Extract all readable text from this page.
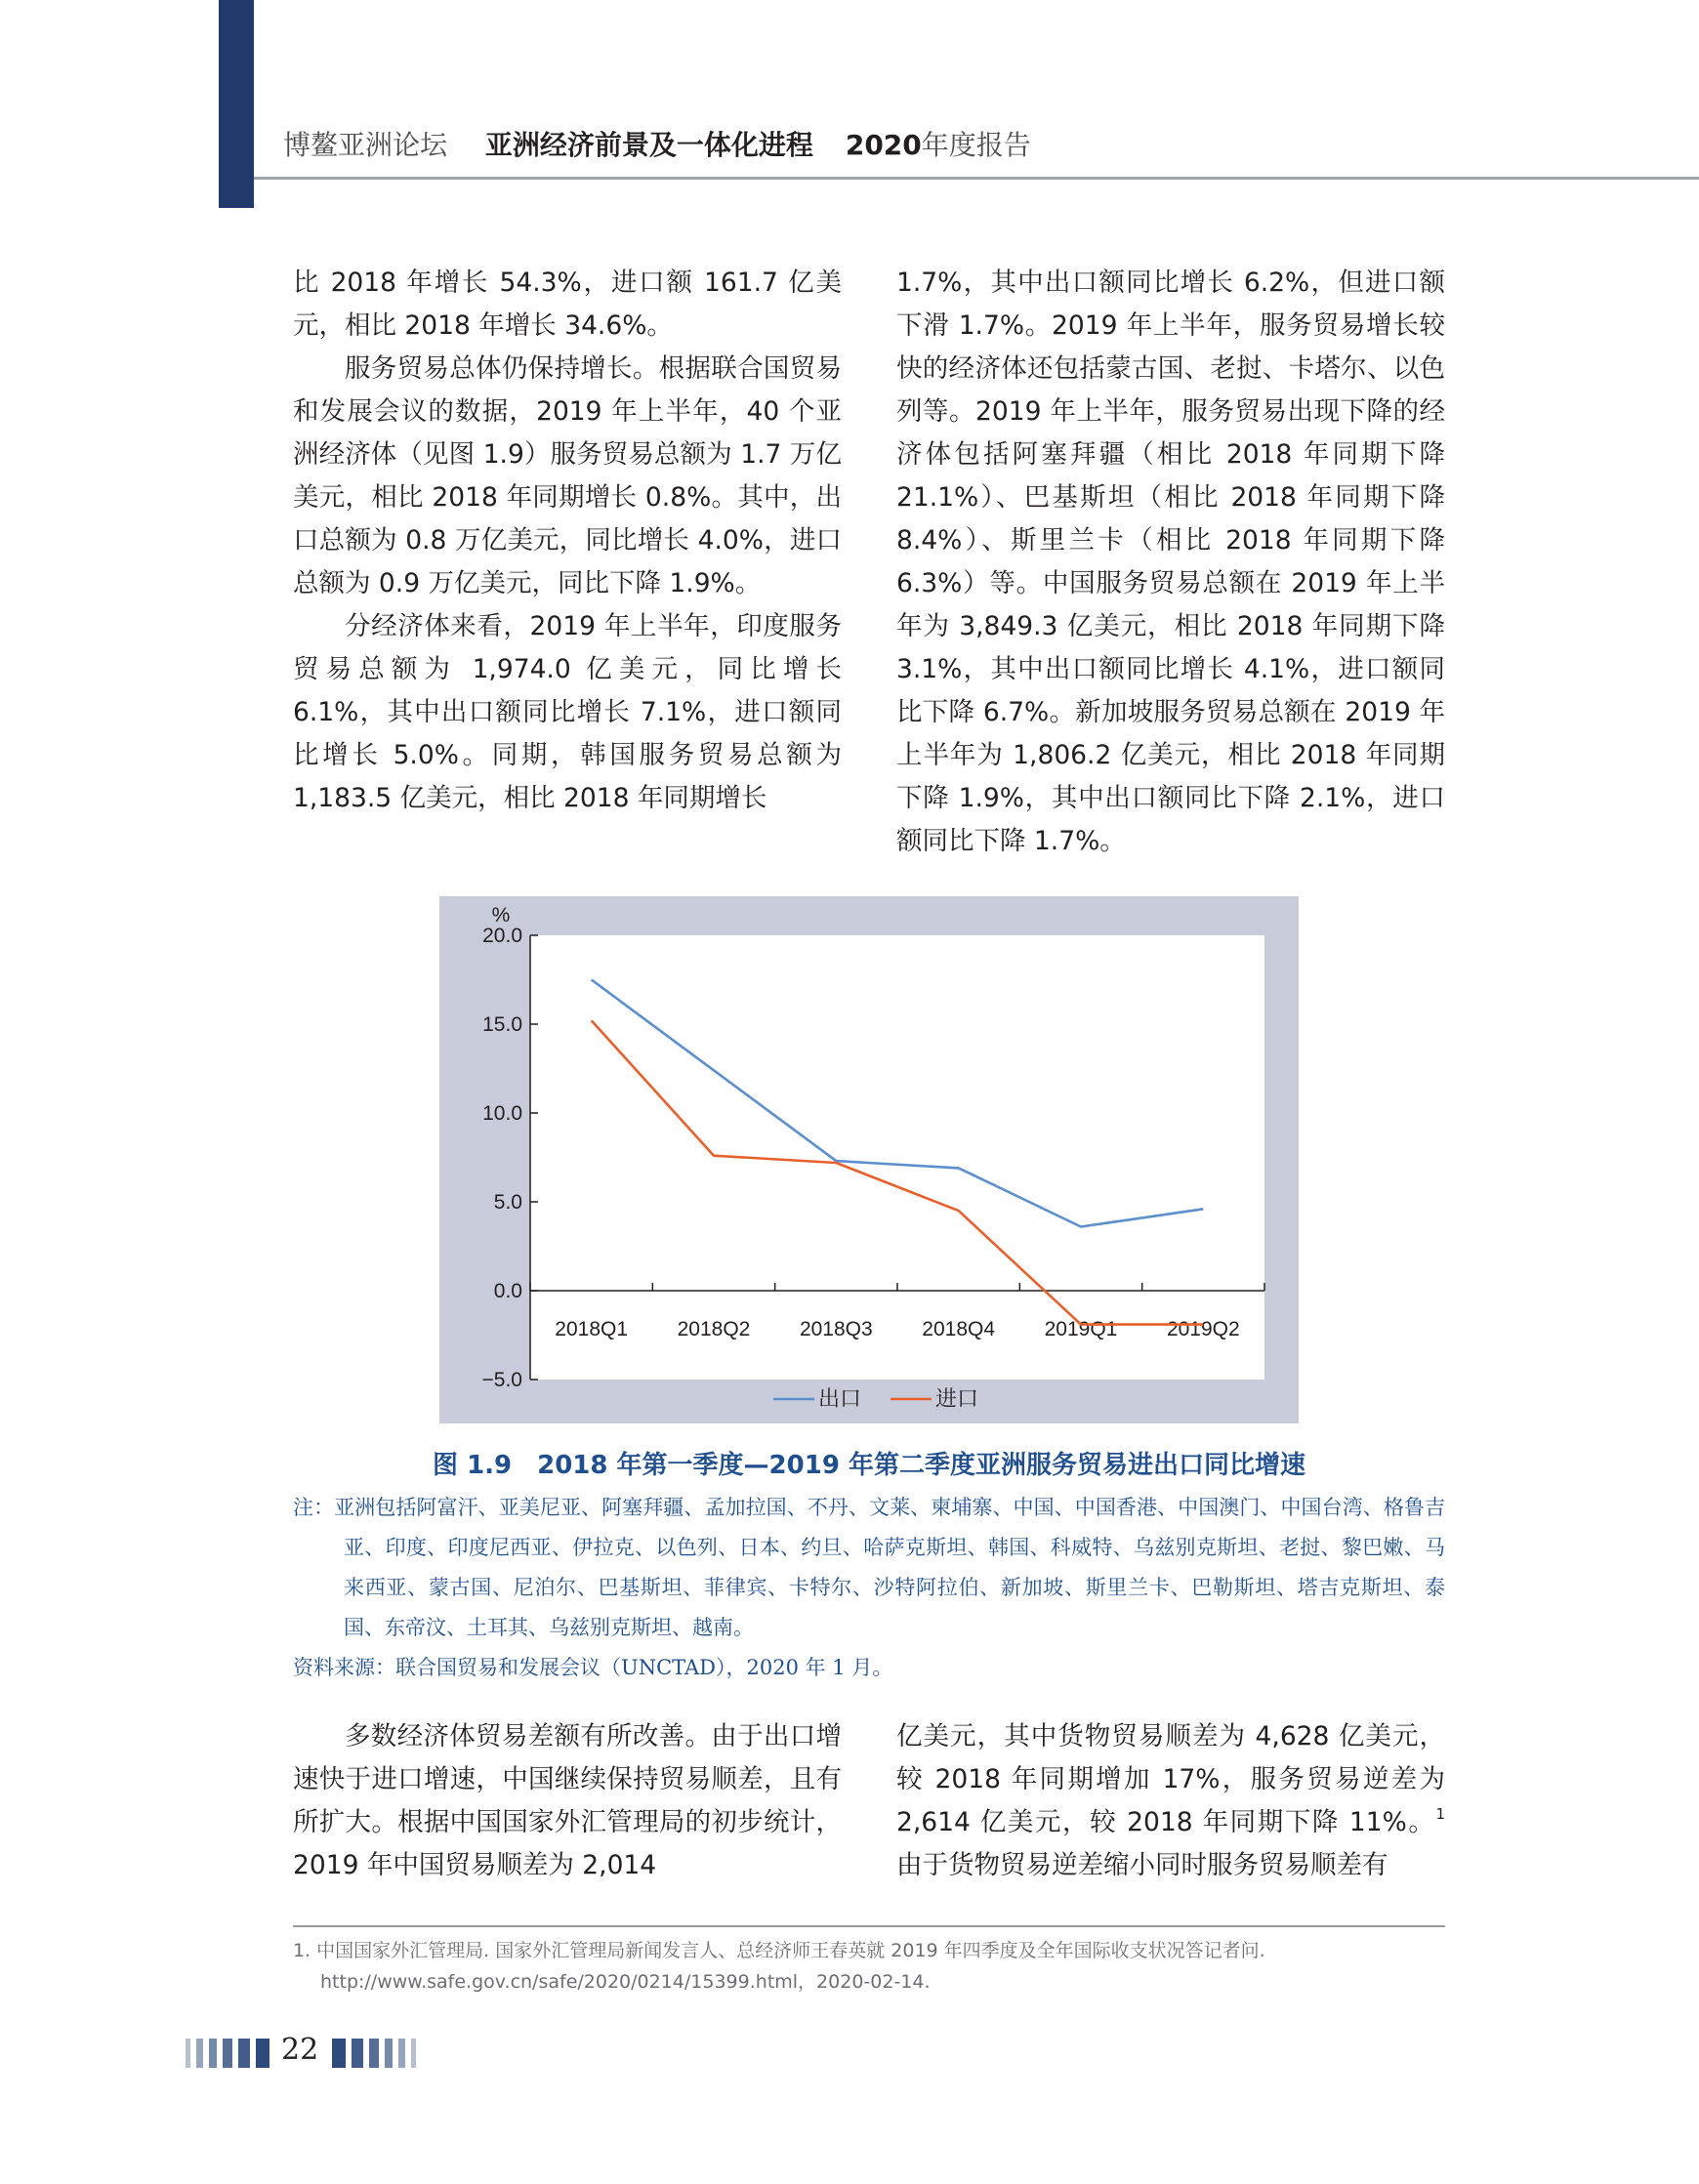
博鳌亚洲论坛 亚洲经济前景及一体化进程 2020年度报告

比 2018 年增长 54.3%，进口额 161.7 亿美元，相比 2018 年增长 34.6%。

服务贸易总体仍保持增长。根据联合国贸易和发展会议的数据，2019 年上半年，40 个亚洲经济体（见图 1.9）服务贸易总额为 1.7 万亿美元，相比 2018 年同期增长 0.8%。其中，出口总额为 0.8 万亿美元，同比增长 4.0%，进口总额为 0.9 万亿美元，同比下降 1.9%。

分经济体来看，2019 年上半年，印度服务贸易总额为 1,974.0 亿美元，同比增长 6.1%，其中出口额同比增长 7.1%，进口额同比增长 5.0%。同期，韩国服务贸易总额为 1,183.5 亿美元，相比 2018 年同期增长

1.7%，其中出口额同比增长 6.2%，但进口额下滑 1.7%。2019 年上半年，服务贸易增长较快的经济体还包括蒙古国、老挝、卡塔尔、以色列等。2019 年上半年，服务贸易出现下降的经济体包括阿塞拜疆（相比 2018 年同期下降 21.1%）、巴基斯坦（相比 2018 年同期下降 8.4%）、斯里兰卡（相比 2018 年同期下降 6.3%）等。中国服务贸易总额在 2019 年上半年为 3,849.3 亿美元，相比 2018 年同期下降 3.1%，其中出口额同比增长 4.1%，进口额同比下降 6.7%。新加坡服务贸易总额在 2019 年上半年为 1,806.2 亿美元，相比 2018 年同期下降 1.9%，其中出口额同比下降 2.1%，进口额同比下降 1.7%。

%
20.0
15.0
10.0
5.0
0.0
−5.0
2018Q1 2018Q2 2018Q3 2018Q4 2019Q1 2019Q2
出口	进口
图 1.9　2018 年第一季度—2019 年第二季度亚洲服务贸易进出口同比增速
注：亚洲包括阿富汗、亚美尼亚、阿塞拜疆、孟加拉国、不丹、文莱、柬埔寨、中国、中国香港、中国澳门、中国台湾、格鲁吉亚、印度、印度尼西亚、伊拉克、以色列、日本、约旦、哈萨克斯坦、韩国、科威特、乌兹别克斯坦、老挝、黎巴嫩、马来西亚、蒙古国、尼泊尔、巴基斯坦、菲律宾、卡特尔、沙特阿拉伯、新加坡、斯里兰卡、巴勒斯坦、塔吉克斯坦、泰国、东帝汶、土耳其、乌兹别克斯坦、越南。
资料来源：联合国贸易和发展会议（UNCTAD），2020 年 1 月。

多数经济体贸易差额有所改善。由于出口增速快于进口增速，中国继续保持贸易顺差，且有所扩大。根据中国国家外汇管理局的初步统计，2019 年中国贸易顺差为 2,014

亿美元，其中货物贸易顺差为 4,628 亿美元，较 2018 年同期增加 17%，服务贸易逆差为 2,614 亿美元，较 2018 年同期下降 11%。$^1$由于货物贸易逆差缩小同时服务贸易顺差有

1. 中国国家外汇管理局. 国家外汇管理局新闻发言人、总经济师王春英就 2019 年四季度及全年国际收支状况答记者问. http://www.safe.gov.cn/safe/2020/0214/15399.html，2020-02-14.
22
